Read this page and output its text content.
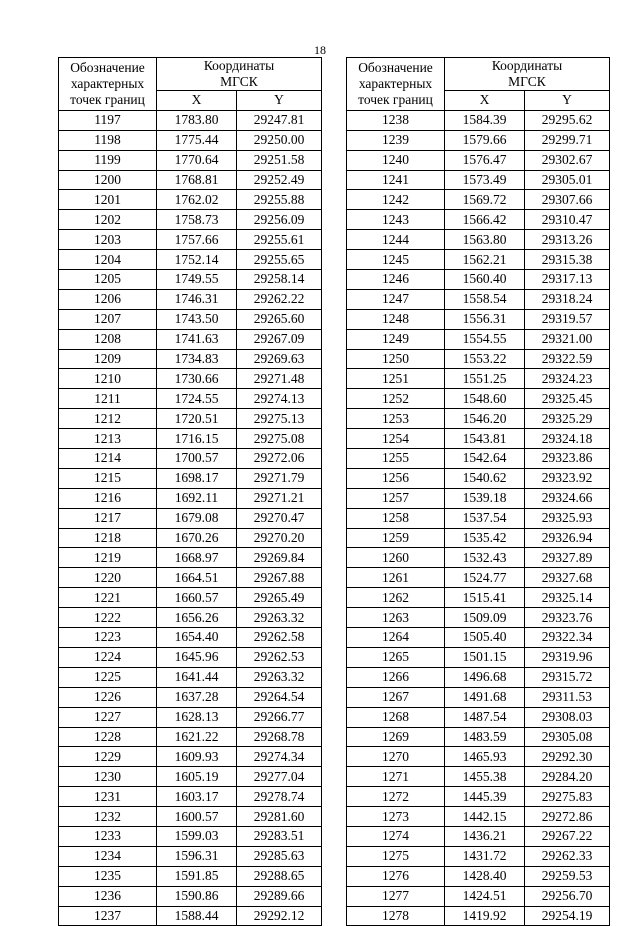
18
Обозначение
характерных
точек границ	Координаты
МГСК	
	X	Y
1197	1783.80	29247.81
1198	1775.44	29250.00
1199	1770.64	29251.58
1200	1768.81	29252.49
1201	1762.02	29255.88
1202	1758.73	29256.09
1203	1757.66	29255.61
1204	1752.14	29255.65
1205	1749.55	29258.14
1206	1746.31	29262.22
1207	1743.50	29265.60
1208	1741.63	29267.09
1209	1734.83	29269.63
1210	1730.66	29271.48
1211	1724.55	29274.13
1212	1720.51	29275.13
1213	1716.15	29275.08
1214	1700.57	29272.06
1215	1698.17	29271.79
1216	1692.11	29271.21
1217	1679.08	29270.47
1218	1670.26	29270.20
1219	1668.97	29269.84
1220	1664.51	29267.88
1221	1660.57	29265.49
1222	1656.26	29263.32
1223	1654.40	29262.58
1224	1645.96	29262.53
1225	1641.44	29263.32
1226	1637.28	29264.54
1227	1628.13	29266.77
1228	1621.22	29268.78
1229	1609.93	29274.34
1230	1605.19	29277.04
1231	1603.17	29278.74
1232	1600.57	29281.60
1233	1599.03	29283.51
1234	1596.31	29285.63
1235	1591.85	29288.65
1236	1590.86	29289.66
1237	1588.44	29292.12
Обозначение
характерных
точек границ	Координаты
МГСК	
	X	Y
1238	1584.39	29295.62
1239	1579.66	29299.71
1240	1576.47	29302.67
1241	1573.49	29305.01
1242	1569.72	29307.66
1243	1566.42	29310.47
1244	1563.80	29313.26
1245	1562.21	29315.38
1246	1560.40	29317.13
1247	1558.54	29318.24
1248	1556.31	29319.57
1249	1554.55	29321.00
1250	1553.22	29322.59
1251	1551.25	29324.23
1252	1548.60	29325.45
1253	1546.20	29325.29
1254	1543.81	29324.18
1255	1542.64	29323.86
1256	1540.62	29323.92
1257	1539.18	29324.66
1258	1537.54	29325.93
1259	1535.42	29326.94
1260	1532.43	29327.89
1261	1524.77	29327.68
1262	1515.41	29325.14
1263	1509.09	29323.76
1264	1505.40	29322.34
1265	1501.15	29319.96
1266	1496.68	29315.72
1267	1491.68	29311.53
1268	1487.54	29308.03
1269	1483.59	29305.08
1270	1465.93	29292.30
1271	1455.38	29284.20
1272	1445.39	29275.83
1273	1442.15	29272.86
1274	1436.21	29267.22
1275	1431.72	29262.33
1276	1428.40	29259.53
1277	1424.51	29256.70
1278	1419.92	29254.19
